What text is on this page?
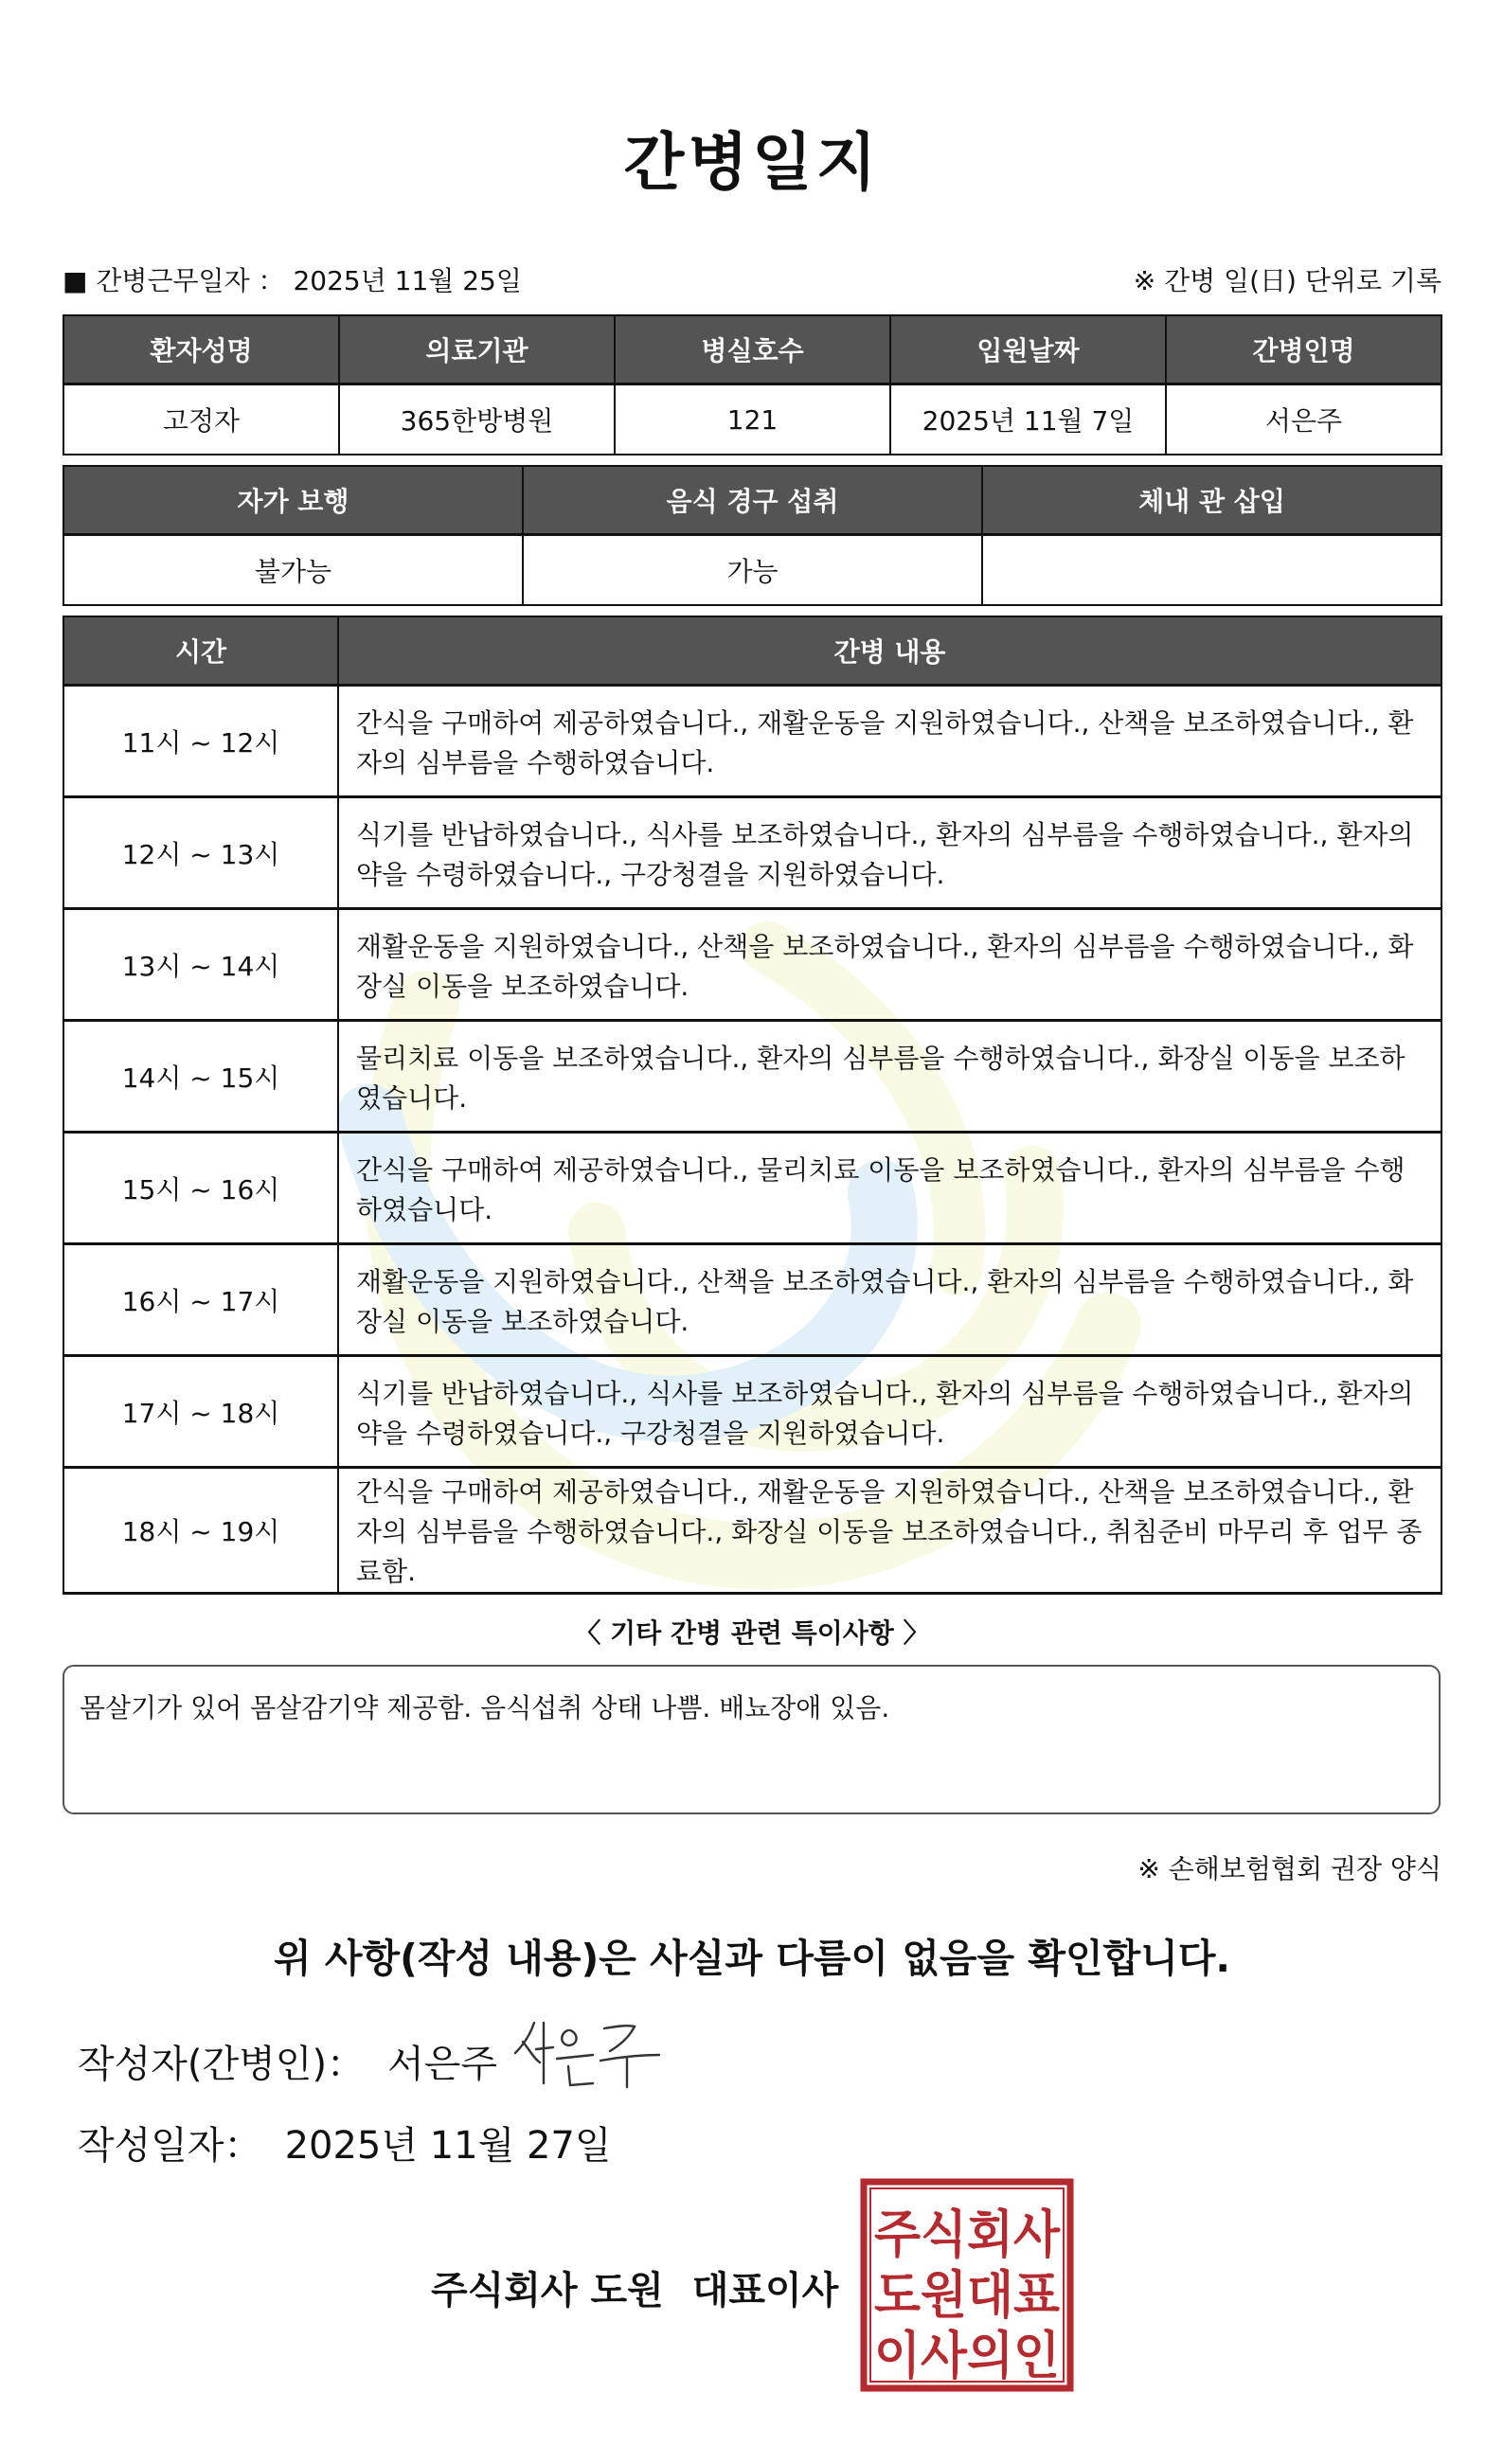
간병일지
■ 간병근무일자 ： 2025년 11월 25일	※ 간병 일(日) 단위로 기록
환자성명	의료기관	병실호수	입원날짜	간병인명
고정자	365한방병원	121	2025년 11월 7일	서은주
자가 보행	음식 경구 섭취	체내 관 삽입
불가능	가능	
시간	간병 내용
11시 ~ 12시	간식을 구매하여 제공하였습니다., 재활운동을 지원하였습니다., 산책을 보조하였습니다., 환자의 심부름을 수행하였습니다.
12시 ~ 13시	식기를 반납하였습니다., 식사를 보조하였습니다., 환자의 심부름을 수행하였습니다., 환자의 약을 수령하였습니다., 구강청결을 지원하였습니다.
13시 ~ 14시	재활운동을 지원하였습니다., 산책을 보조하였습니다., 환자의 심부름을 수행하였습니다., 화장실 이동을 보조하였습니다.
14시 ~ 15시	물리치료 이동을 보조하였습니다., 환자의 심부름을 수행하였습니다., 화장실 이동을 보조하였습니다.
15시 ~ 16시	간식을 구매하여 제공하였습니다., 물리치료 이동을 보조하였습니다., 환자의 심부름을 수행하였습니다.
16시 ~ 17시	재활운동을 지원하였습니다., 산책을 보조하였습니다., 환자의 심부름을 수행하였습니다., 화장실 이동을 보조하였습니다.
17시 ~ 18시	식기를 반납하였습니다., 식사를 보조하였습니다., 환자의 심부름을 수행하였습니다., 환자의 약을 수령하였습니다., 구강청결을 지원하였습니다.
18시 ~ 19시	간식을 구매하여 제공하였습니다., 재활운동을 지원하였습니다., 산책을 보조하였습니다., 환자의 심부름을 수행하였습니다., 화장실 이동을 보조하였습니다., 취침준비 마무리 후 업무 종료함.
〈 기타 간병 관련 특이사항 〉
몸살기가 있어 몸살감기약 제공함. 음식섭취 상태 나쁨. 배뇨장애 있음.
※ 손해보험협회 권장 양식
위 사항(작성 내용)은 사실과 다름이 없음을 확인합니다.
작성자(간병인)： 서은주
작성일자： 2025년 11월 27일
주식회사 도원 대표이사
주식회사
도원대표
이사의인
